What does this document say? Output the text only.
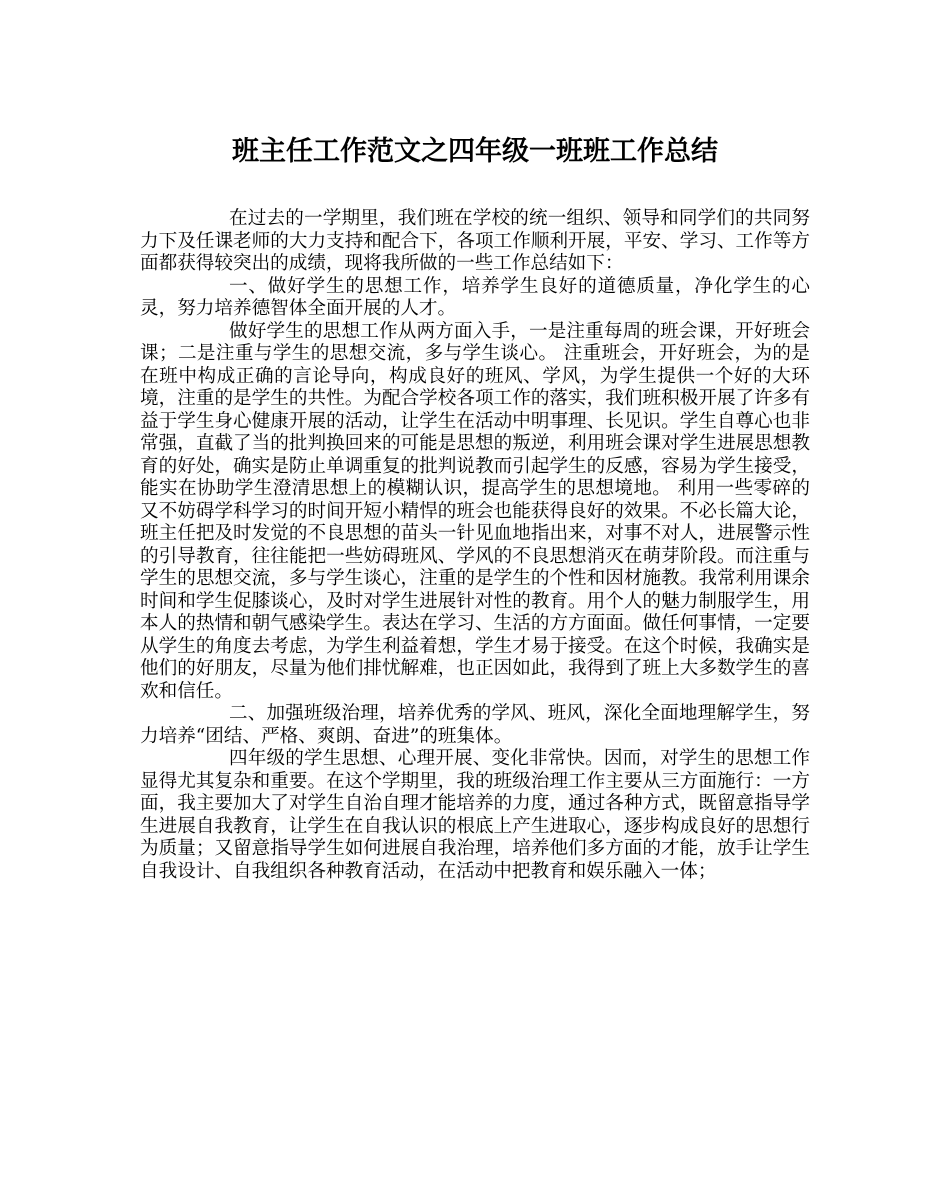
班主任工作范文之四年级一班班工作总结

在过去的一学期里，我们班在学校的统一组织、领导和同学们的共同努力下及任课老师的大力支持和配合下，各项工作顺利开展，平安、学习、工作等方面都获得较突出的成绩，现将我所做的一些工作总结如下：

一、做好学生的思想工作，培养学生良好的道德质量，净化学生的心灵，努力培养德智体全面开展的人才。

做好学生的思想工作从两方面入手，一是注重每周的班会课，开好班会课；二是注重与学生的思想交流，多与学生谈心。 注重班会，开好班会，为的是在班中构成正确的言论导向，构成良好的班风、学风，为学生提供一个好的大环境，注重的是学生的共性。为配合学校各项工作的落实，我们班积极开展了许多有益于学生身心健康开展的活动，让学生在活动中明事理、长见识。学生自尊心也非常强，直截了当的批判换回来的可能是思想的叛逆，利用班会课对学生进展思想教育的好处，确实是防止单调重复的批判说教而引起学生的反感，容易为学生接受，能实在协助学生澄清思想上的模糊认识，提高学生的思想境地。 利用一些零碎的又不妨碍学科学习的时间开短小精悍的班会也能获得良好的效果。不必长篇大论，班主任把及时发觉的不良思想的苗头一针见血地指出来，对事不对人，进展警示性的引导教育，往往能把一些妨碍班风、学风的不良思想消灭在萌芽阶段。而注重与学生的思想交流，多与学生谈心，注重的是学生的个性和因材施教。我常利用课余时间和学生促膝谈心，及时对学生进展针对性的教育。用个人的魅力制服学生，用本人的热情和朝气感染学生。表达在学习、生活的方方面面。做任何事情，一定要从学生的角度去考虑，为学生利益着想，学生才易于接受。在这个时候，我确实是他们的好朋友，尽量为他们排忧解难，也正因如此，我得到了班上大多数学生的喜欢和信任。

二、加强班级治理，培养优秀的学风、班风，深化全面地理解学生，努力培养“团结、严格、爽朗、奋进”的班集体。

四年级的学生思想、心理开展、变化非常快。因而，对学生的思想工作显得尤其复杂和重要。在这个学期里，我的班级治理工作主要从三方面施行：一方面，我主要加大了对学生自治自理才能培养的力度，通过各种方式，既留意指导学生进展自我教育，让学生在自我认识的根底上产生进取心，逐步构成良好的思想行为质量；又留意指导学生如何进展自我治理，培养他们多方面的才能，放手让学生自我设计、自我组织各种教育活动，在活动中把教育和娱乐融入一体；
